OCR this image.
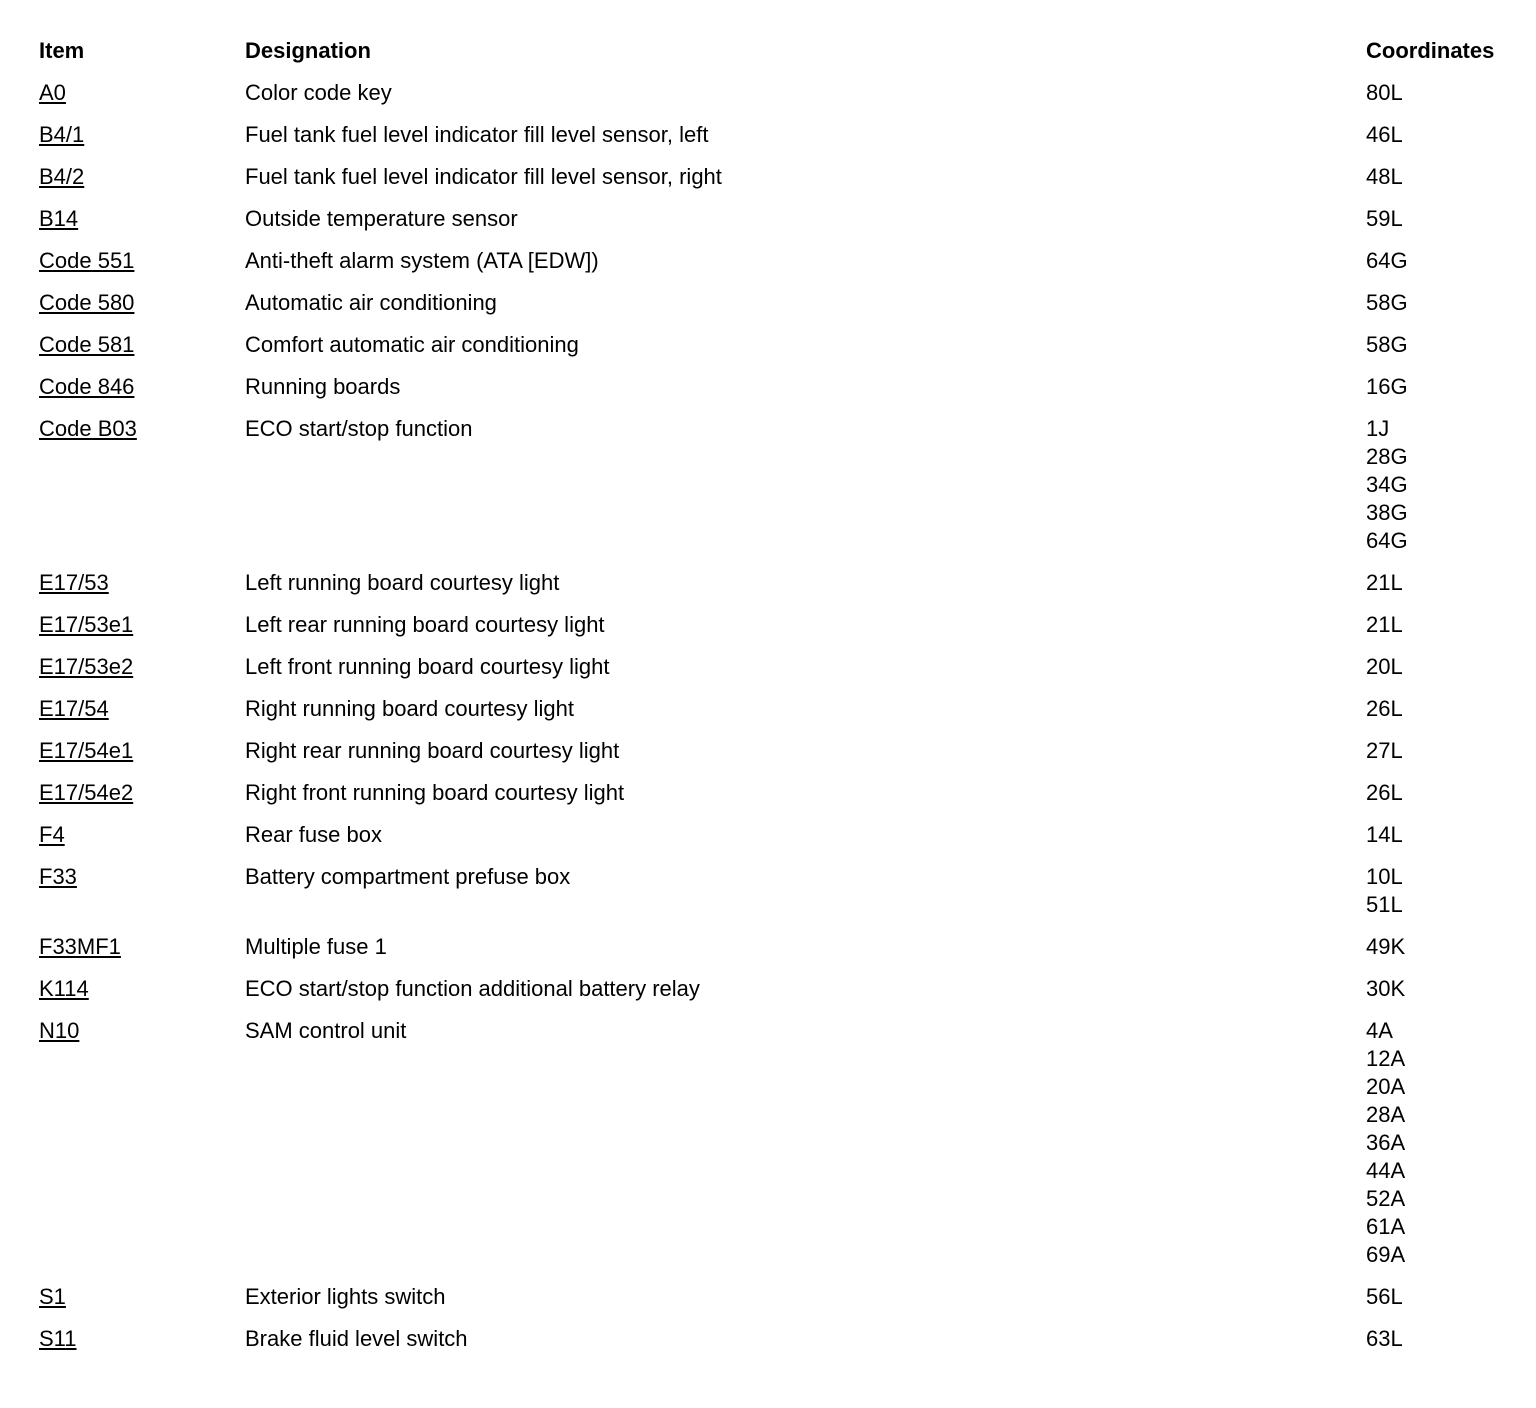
Item	Designation	Coordinates
A0	Color code key	80L
B4/1	Fuel tank fuel level indicator fill level sensor, left	46L
B4/2	Fuel tank fuel level indicator fill level sensor, right	48L
B14	Outside temperature sensor	59L
Code 551	Anti-theft alarm system (ATA [EDW])	64G
Code 580	Automatic air conditioning	58G
Code 581	Comfort automatic air conditioning	58G
Code 846	Running boards	16G
Code B03	ECO start/stop function	1J
28G
34G
38G
64G
E17/53	Left running board courtesy light	21L
E17/53e1	Left rear running board courtesy light	21L
E17/53e2	Left front running board courtesy light	20L
E17/54	Right running board courtesy light	26L
E17/54e1	Right rear running board courtesy light	27L
E17/54e2	Right front running board courtesy light	26L
F4	Rear fuse box	14L
F33	Battery compartment prefuse box	10L
51L
F33MF1	Multiple fuse 1	49K
K114	ECO start/stop function additional battery relay	30K
N10	SAM control unit	4A
12A
20A
28A
36A
44A
52A
61A
69A
S1	Exterior lights switch	56L
S11	Brake fluid level switch	63L
